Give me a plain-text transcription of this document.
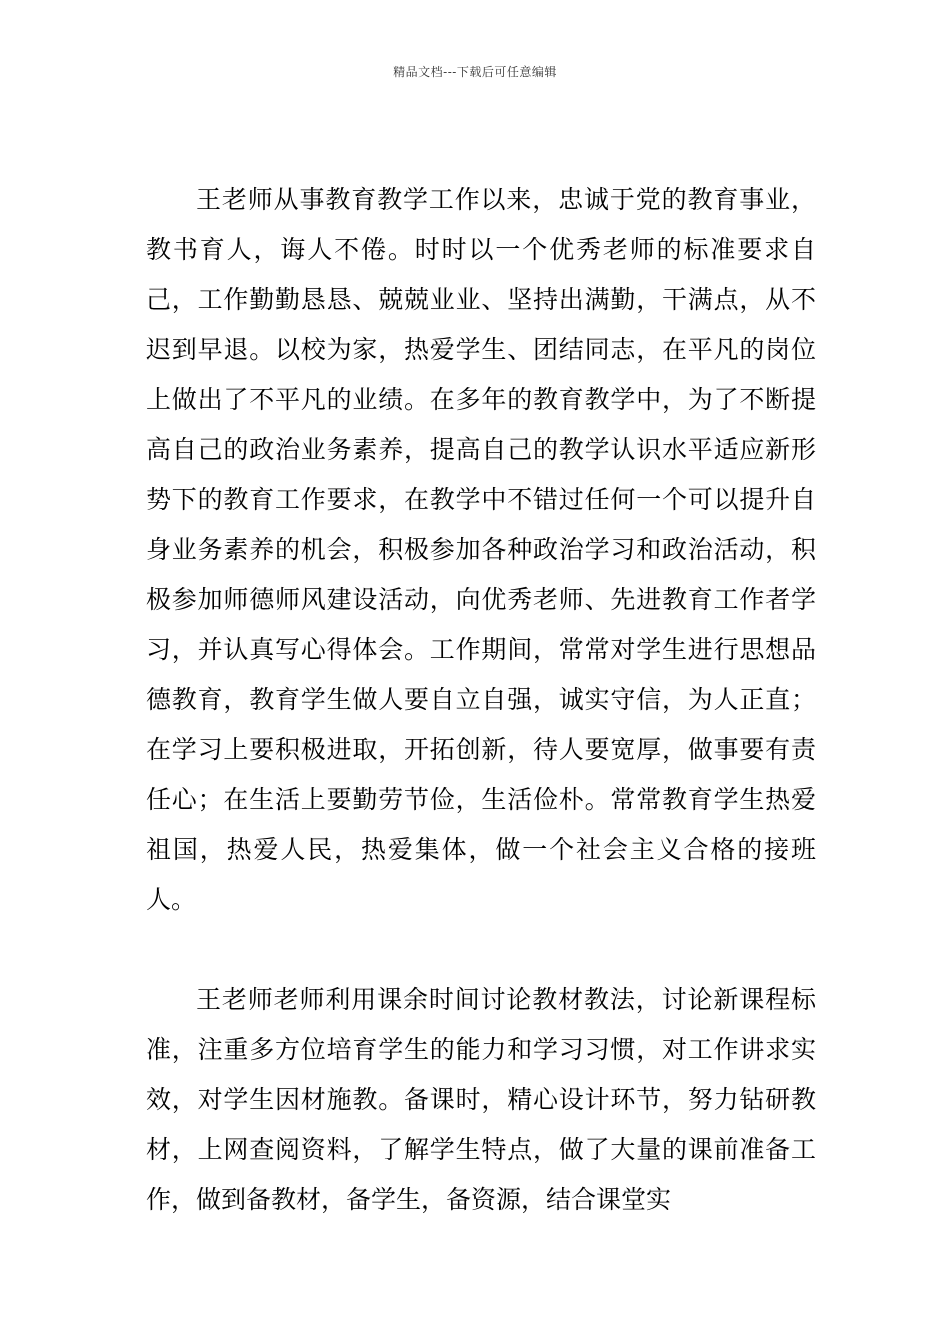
精品文档---下载后可任意编辑

王老师从事教育教学工作以来，忠诚于党的教育事业，教书育人，诲人不倦。时时以一个优秀老师的标准要求自己，工作勤勤恳恳、兢兢业业、坚持出满勤，干满点，从不迟到早退。以校为家，热爱学生、团结同志，在平凡的岗位上做出了不平凡的业绩。在多年的教育教学中，为了不断提高自己的政治业务素养，提高自己的教学认识水平适应新形势下的教育工作要求，在教学中不错过任何一个可以提升自身业务素养的机会，积极参加各种政治学习和政治活动，积极参加师德师风建设活动，向优秀老师、先进教育工作者学习，并认真写心得体会。工作期间，常常对学生进行思想品德教育，教育学生做人要自立自强，诚实守信，为人正直；在学习上要积极进取，开拓创新，待人要宽厚，做事要有责任心；在生活上要勤劳节俭，生活俭朴。常常教育学生热爱祖国，热爱人民，热爱集体，做一个社会主义合格的接班人。

王老师老师利用课余时间讨论教材教法，讨论新课程标准，注重多方位培育学生的能力和学习习惯，对工作讲求实效，对学生因材施教。备课时，精心设计环节，努力钻研教材，上网查阅资料，了解学生特点，做了大量的课前准备工作，做到备教材，备学生，备资源，结合课堂实
